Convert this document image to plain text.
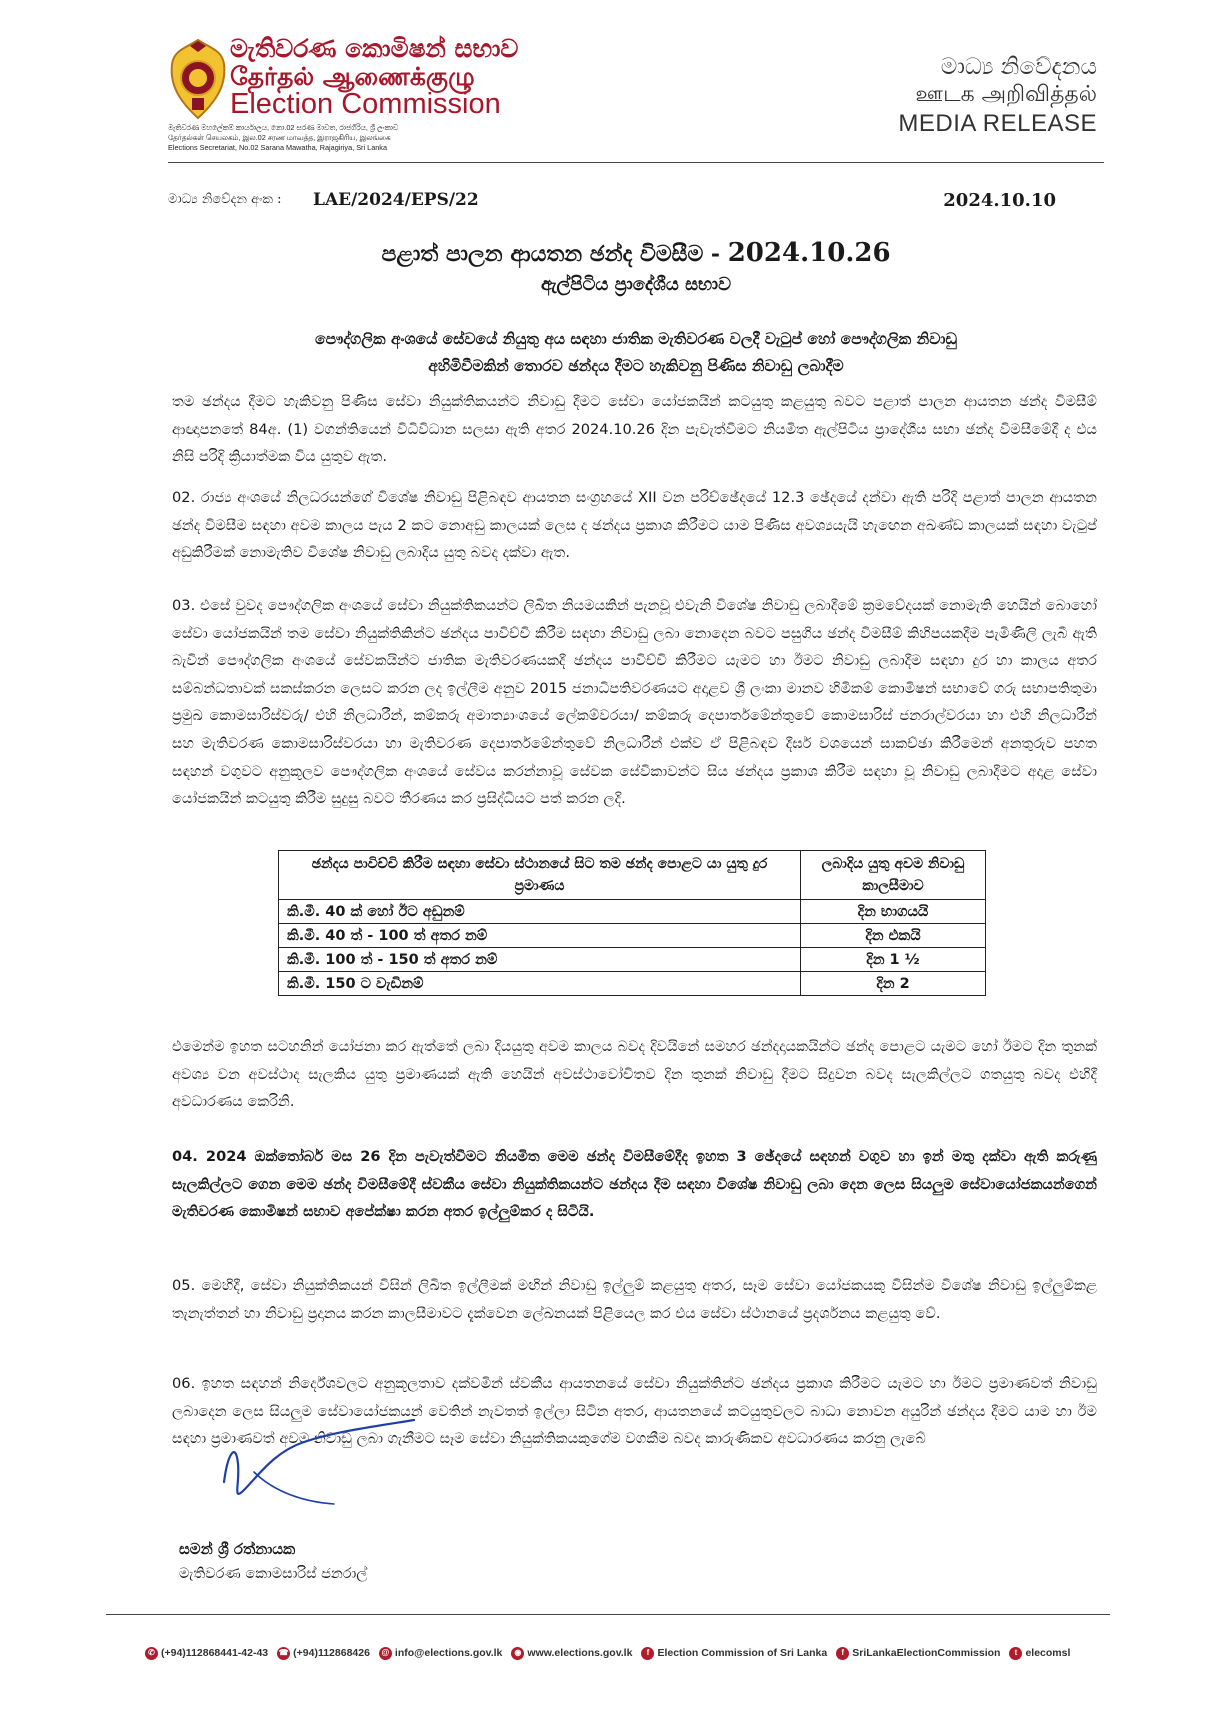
මැතිවරණ කොමිෂන් සභාව
தேர்தல் ஆணைக்குழு
Election Commission
මැතිවරණ මහලේකම් කාර්යාලය, නො.02 සරණ මාවත, රාජගිරිය, ශ්‍රී ලංකාව
தேர்தல்கள் செயலகம், இல.02 சரண மாவத்த, இராஜகிரிய, இலங்கை
Elections Secretariat, No.02 Sarana Mawatha, Rajagiriya, Sri Lanka
මාධ්‍ය නිවේදනය
ஊடக அறிவித்தல்
MEDIA RELEASE
මාධ්‍ය නිවේදන අංක : LAE/2024/EPS/22	2024.10.10
පළාත් පාලන ආයතන ඡන්ද විමසීම - 2024.10.26
ඇල්පිටිය ප්‍රාදේශීය සභාව
පෞද්ගලික අංශයේ සේවයේ නියුතු අය සඳහා ජාතික මැතිවරණ වලදී වැටුප් හෝ පෞද්ගලික නිවාඩු
අහිමිවීමකින් තොරව ඡන්දය දීමට හැකිවනු පිණිස නිවාඩු ලබාදීම
තම ඡන්දය දීමට හැකිවනු පිණිස සේවා නියුක්තිකයන්ට නිවාඩු දීමට සේවා යෝජකයින් කටයුතු කළයුතු බවට පළාත් පාලන ආයතන ඡන්ද විමසීම් ආඥාපනතේ 84අ. (1) වගන්තියෙන් විධිවිධාන සලසා ඇති අතර 2024.10.26 දින පැවැත්වීමට නියමිත ඇල්පිටිය ප්‍රාදේශීය සභා ඡන්ද විමසීමේදී ද එය නිසි පරිදි ක්‍රියාත්මක විය යුතුව ඇත.
02. රාජ්‍ය අංශයේ නිලධරයන්ගේ විශේෂ නිවාඩු පිළිබඳව ආයතන සංග්‍රහයේ XII වන පරිච්ඡේදයේ 12.3 ඡේදයේ දන්වා ඇති පරිදි පළාත් පාලන ආයතන ඡන්ද විමසීම සඳහා අවම කාලය පැය 2 කට නොඅඩු කාලයක් ලෙස ද ඡන්දය ප්‍රකාශ කිරීමට යාම පිණිස අවශ්‍යයැයි හැඟෙන අඛණ්ඩ කාලයක් සඳහා වැටුප් අඩුකිරීමක් නොමැතිව විශේෂ නිවාඩු ලබාදිය යුතු බවද දක්වා ඇත.
03. එසේ වුවද පෞද්ගලික අංශයේ සේවා නියුක්තිකයන්ට ලිඛිත නියමයකින් පැනවූ එවැනි විශේෂ නිවාඩු ලබාදීමේ ක්‍රමවේදයක් නොමැති හෙයින් බොහෝ සේවා යෝජකයින් තම සේවා නියුක්තිකින්ට ඡන්දය පාවිච්චි කිරීම සඳහා නිවාඩු ලබා නොදෙන බවට පසුගිය ඡන්ද විමසීම් කිහිපයකදීම පැමිණිලි ලැබී ඇති බැවින් පෞද්ගලික අංශයේ සේවකයින්ට ජාතික මැතිවරණයකදී ඡන්දය පාවිච්චි කිරීමට යැමට හා ඊමට නිවාඩු ලබාදීම සඳහා දුර හා කාලය අතර සම්බන්ධතාවක් සකස්කරන ලෙසට කරන ලද ඉල්ලීම අනුව 2015 ජනාධිපතිවරණයට අදාළව ශ්‍රී ලංකා මානව හිමිකම් කොමිෂන් සභාවේ ගරු සභාපතිතුමා ප්‍රමුඛ කොමසාරිස්වරු/ එහි නිලධාරීන්, කම්කරු අමාත්‍යාංශයේ ලේකම්වරයා/ කම්කරු දෙපාර්තමේන්තුවේ කොමසාරිස් ජනරාල්වරයා හා එහි නිලධාරීන් සහ මැතිවරණ කොමසාරිස්වරයා හා මැතිවරණ දෙපාර්තමේන්තුවේ නිලධාරීන් එක්ව ඒ පිළිබඳව දීර්ඝ වශයෙන් සාකච්ඡා කිරීමෙන් අනතුරුව පහත සඳහන් වගුවට අනුකූලව පෞද්ගලික අංශයේ සේවය කරන්නාවූ සේවක සේවිකාවන්ට සිය ඡන්දය ප්‍රකාශ කිරීම සඳහා වූ නිවාඩු ලබාදීමට අදාළ සේවා යෝජකයින් කටයුතු කිරීම සුදුසු බවට තීරණය කර ප්‍රසිද්ධියට පත් කරන ලදි.
ඡන්දය පාවිච්චි කිරීම සඳහා සේවා ස්ථානයේ සිට තම ඡන්ද පොළට යා යුතු දුර ප්‍රමාණය	ලබාදිය යුතු අවම නිවාඩු කාලසීමාව
කි.මී. 40 ක් හෝ ඊට අඩුනම්	දින භාගයයි
කි.මී. 40 ත් - 100 ත් අතර නම්	දින එකයි
කි.මී. 100 ත් - 150 ත් අතර නම්	දින 1 ½
කි.මී. 150 ට වැඩිනම්	දින 2
එමෙන්ම ඉහත සටහනින් යෝජනා කර ඇත්තේ ලබා දියයුතු අවම කාලය බවද දිවයිනේ සමහර ඡන්දදායකයින්ට ඡන්ද පොළට යැමට හෝ ඊමට දින තුනක් අවශ්‍ය වන අවස්ථාද සැලකිය යුතු ප්‍රමාණයක් ඇති හෙයින් අවස්ථාවෝචිතව දින තුනක් නිවාඩු දීමට සිදුවන බවද සැලකිල්ලට ගතයුතු බවද එහිදී අවධාරණය කෙරිනි.
04. 2024 ඔක්තෝබර් මස 26 දින පැවැත්වීමට නියමිත මෙම ඡන්ද විමසීමේදීද ඉහත 3 ඡේදයේ සඳහන් වගුව හා ඉන් මතු දක්වා ඇති කරුණු සැලකිල්ලට ගෙන මෙම ඡන්ද විමසීමේදී ස්වකීය සේවා නියුක්තිකයන්ට ඡන්දය දීම සඳහා විශේෂ නිවාඩු ලබා දෙන ලෙස සියලුම සේවායෝජකයන්ගෙන් මැතිවරණ කොමිෂන් සභාව අපේක්ෂා කරන අතර ඉල්ලුම්කර ද සිටියි.
05. මෙහිදී, සේවා නියුක්තිකයන් විසින් ලිඛිත ඉල්ලීමක් මඟින් නිවාඩු ඉල්ලුම් කළයුතු අතර, සෑම සේවා යෝජකයකු විසින්ම විශේෂ නිවාඩු ඉල්ලුම්කළ තැනැත්තන් හා නිවාඩු ප්‍රදානය කරන කාලසීමාවට දැක්වෙන ලේඛනයක් පිළියෙල කර එය සේවා ස්ථානයේ ප්‍රදර්ශනය කළයුතු වේ.
06. ඉහත සඳහන් නිර්දේශවලට අනුකූලතාව දක්වමින් ස්වකීය ආයතනයේ සේවා නියුක්තින්ට ඡන්දය ප්‍රකාශ කිරීමට යැමට හා ඊමට ප්‍රමාණවත් නිවාඩු ලබාදෙන ලෙස සියලුම සේවායෝජකයන් වෙතින් නැවතත් ඉල්ලා සිටින අතර, ආයතනයේ කටයුතුවලට බාධා නොවන අයුරින් ඡන්දය දීමට යාම හා ඊම සඳහා ප්‍රමාණවත් අවම නිවාඩු ලබා ගැනීමට සෑම සේවා නියුක්තිකයකුගේම වගකීම බවද කාරුණිකව අවධාරණය කරනු ලැබේ
සමන් ශ්‍රී රත්නායක
මැතිවරණ කොමසාරිස් ජනරාල්
✆ (+94)112868441-42-43 ☎ (+94)112868426	@ info@elections.gov.lk	◉ www.elections.gov.lk	f Election Commission of Sri Lanka	f SriLankaElectionCommission	t elecomsl
